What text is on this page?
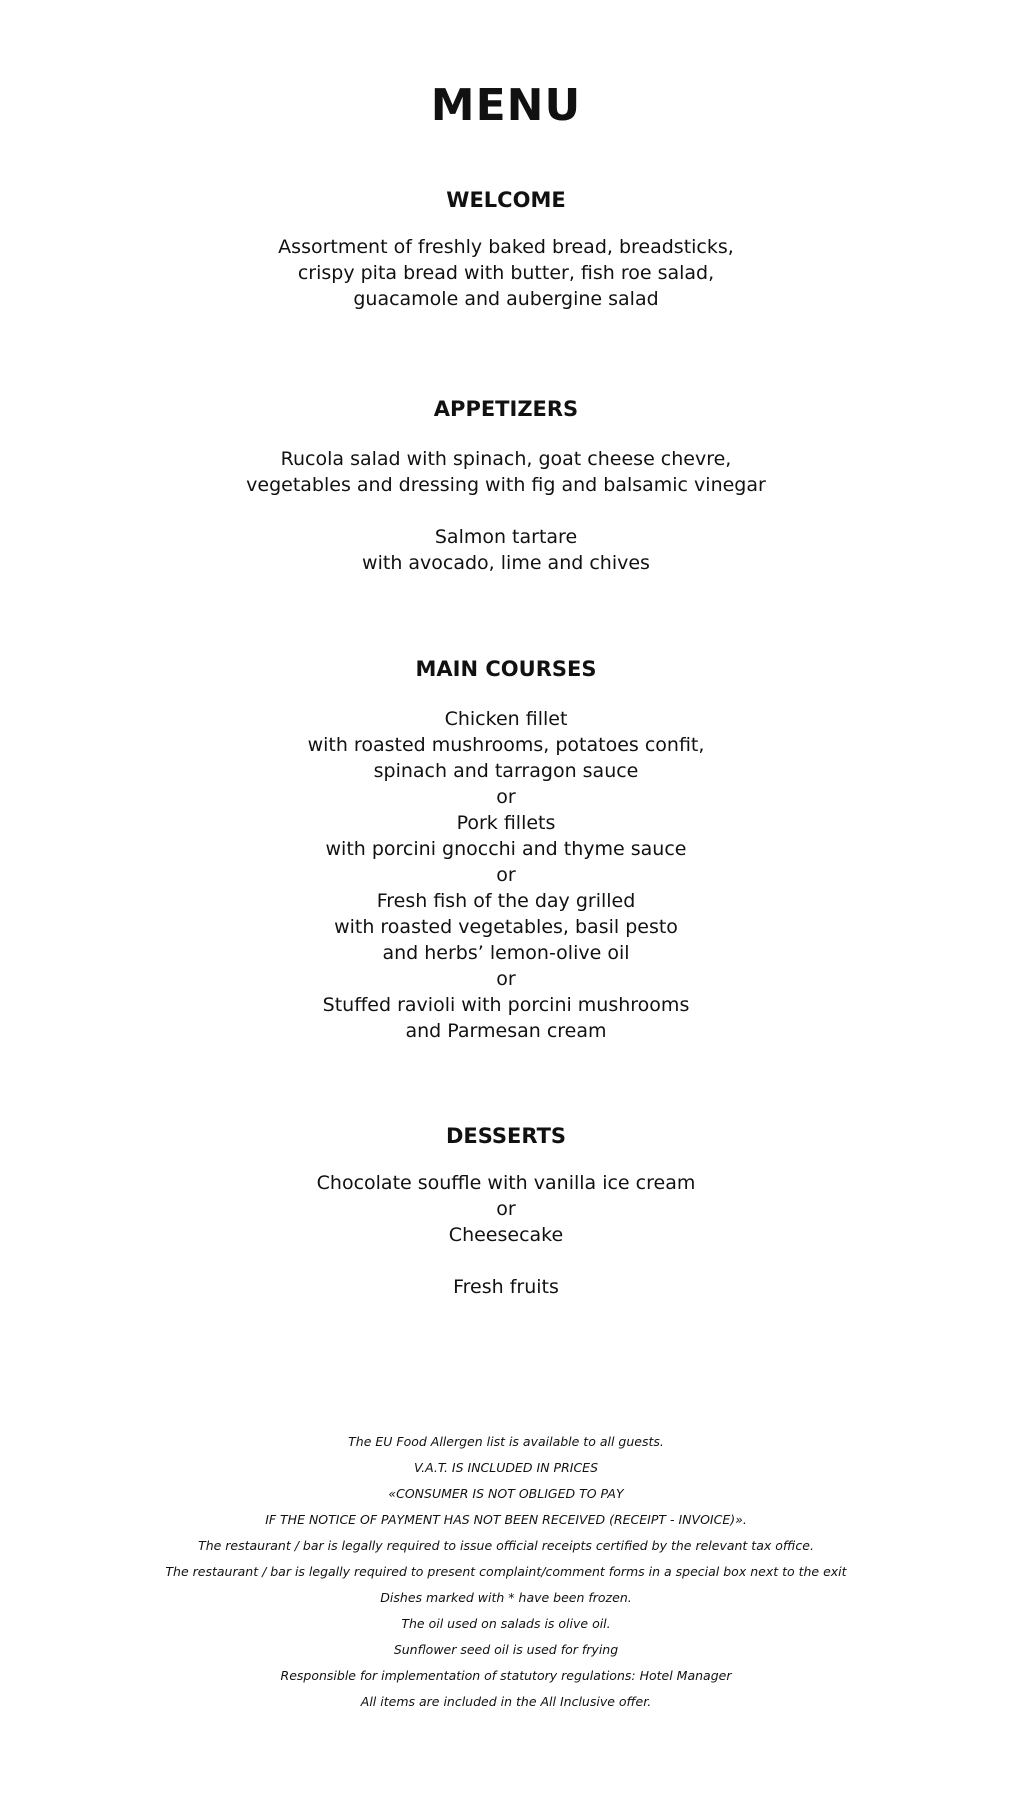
MENU
WELCOME
Assortment of freshly baked bread, breadsticks,
crispy pita bread with butter, fish roe salad,
guacamole and aubergine salad
APPETIZERS
Rucola salad with spinach, goat cheese chevre,
vegetables and dressing with fig and balsamic vinegar
Salmon tartare
with avocado, lime and chives
MAIN COURSES
Chicken fillet
with roasted mushrooms, potatoes confit,
spinach and tarragon sauce
or
Pork fillets
with porcini gnocchi and thyme sauce
or
Fresh fish of the day grilled
with roasted vegetables, basil pesto
and herbs’ lemon-olive oil
or
Stuffed ravioli with porcini mushrooms
and Parmesan cream
DESSERTS
Chocolate souffle with vanilla ice cream
or
Cheesecake
Fresh fruits
The EU Food Allergen list is available to all guests.
V.A.T. IS INCLUDED IN PRICES
«CONSUMER IS NOT OBLIGED TO PAY
IF THE NOTICE OF PAYMENT HAS NOT BEEN RECEIVED (RECEIPT - INVOICE)».
The restaurant / bar is legally required to issue official receipts certified by the relevant tax office.
The restaurant / bar is legally required to present complaint/comment forms in a special box next to the exit
Dishes marked with * have been frozen.
The oil used on salads is olive oil.
Sunflower seed oil is used for frying
Responsible for implementation of statutory regulations: Hotel Manager
All items are included in the All Inclusive offer.
